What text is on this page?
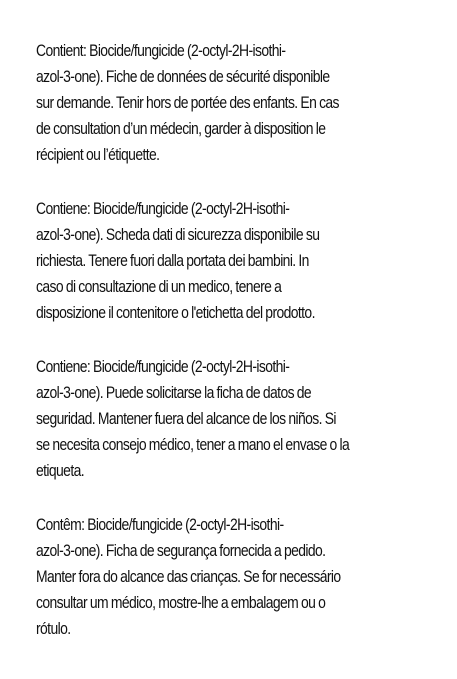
Contient: Biocide/fungicide (2-octyl-2H-isothi-
azol-3-one). Fiche de données de sécurité disponible
sur demande. Tenir hors de portée des enfants. En cas
de consultation d’un médecin, garder à disposition le
récipient ou l’étiquette.

Contiene: Biocide/fungicide (2-octyl-2H-isothi-
azol-3-one). Scheda dati di sicurezza disponibile su
richiesta. Tenere fuori dalla portata dei bambini. In
caso di consultazione di un medico, tenere a
disposizione il contenitore o l'etichetta del prodotto.

Contiene: Biocide/fungicide (2-octyl-2H-isothi-
azol-3-one). Puede solicitarse la ficha de datos de
seguridad. Mantener fuera del alcance de los niños. Si
se necesita consejo médico, tener a mano el envase o la
etiqueta.

Contêm: Biocide/fungicide (2-octyl-2H-isothi-
azol-3-one). Ficha de segurança fornecida a pedido.
Manter fora do alcance das crianças. Se for necessário
consultar um médico, mostre-lhe a embalagem ou o
rótulo.
